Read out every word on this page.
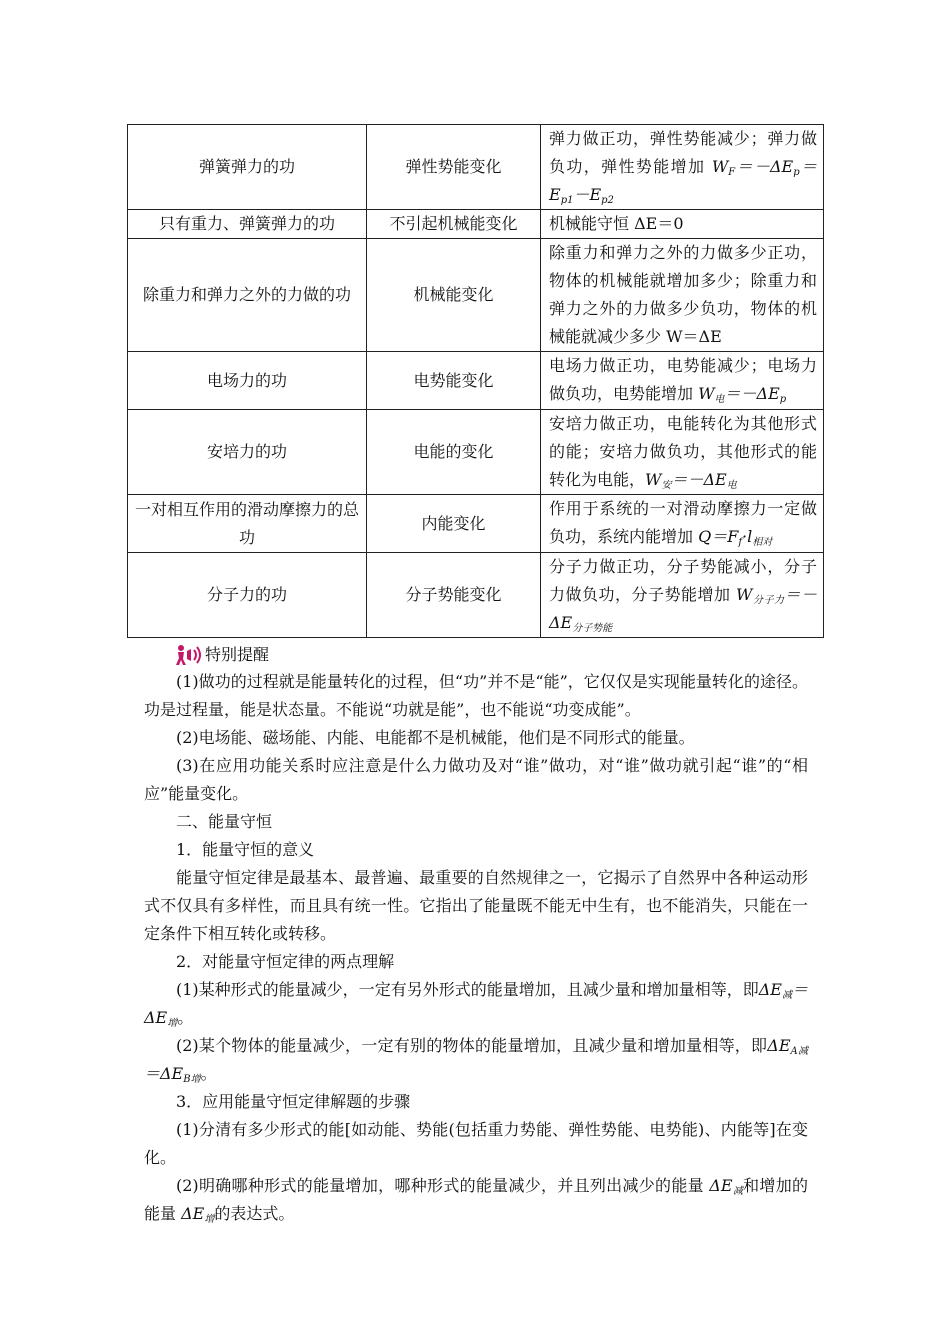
弹簧弹力的功	弹性势能变化	弹力做正功，弹性势能减少；弹力做负功，弹性势能增加 $W_F=-\Delta E_p=E_{p1}-E_{p2}$

只有重力、弹簧弹力的功	不引起机械能变化	机械能守恒 ΔE＝0
除重力和弹力之外的力做的功	机械能变化	除重力和弹力之外的力做多少正功，物体的机械能就增加多少；除重力和弹力之外的力做多少负功，物体的机械能就减少多少 W＝ΔE
电场力的功	电势能变化	电场力做正功，电势能减少；电场力做负功，电势能增加 $W_电=-\Delta E_p$
安培力的功	电能的变化	安培力做正功，电能转化为其他形式的能；安培力做负功，其他形式的能转化为电能，$W_安=-\Delta E_电$
一对相互作用的滑动摩擦力的总功	内能变化	作用于系统的一对滑动摩擦力一定做负功，系统内能增加 $Q=F_f\cdot l_{相对}$
分子力的功	分子势能变化	分子力做正功，分子势能减小，分子力做负功，分子势能增加 $W_{分子力}=-\Delta E_{分子势能}$
特别提醒

(1)做功的过程就是能量转化的过程，但“功”并不是“能”，它仅仅是实现能量转化的途径。功是过程量，能是状态量。不能说“功就是能”，也不能说“功变成能”。

(2)电场能、磁场能、内能、电能都不是机械能，他们是不同形式的能量。

(3)在应用功能关系时应注意是什么力做功及对“谁”做功，对“谁”做功就引起“谁”的“相应”能量变化。

二、能量守恒

1．能量守恒的意义

能量守恒定律是最基本、最普遍、最重要的自然规律之一，它揭示了自然界中各种运动形式不仅具有多样性，而且具有统一性。它指出了能量既不能无中生有，也不能消失，只能在一定条件下相互转化或转移。

2．对能量守恒定律的两点理解

(1)某种形式的能量减少，一定有另外形式的能量增加，且减少量和增加量相等，即$\Delta E_减=\Delta E_增$。

(2)某个物体的能量减少，一定有别的物体的能量增加，且减少量和增加量相等，即$\Delta E_{A减}=\Delta E_{B增}$。

3．应用能量守恒定律解题的步骤

(1)分清有多少形式的能[如动能、势能(包括重力势能、弹性势能、电势能)、内能等]在变化。

(2)明确哪种形式的能量增加，哪种形式的能量减少，并且列出减少的能量 $\Delta E_减$和增加的能量 $\Delta E_增$的表达式。
